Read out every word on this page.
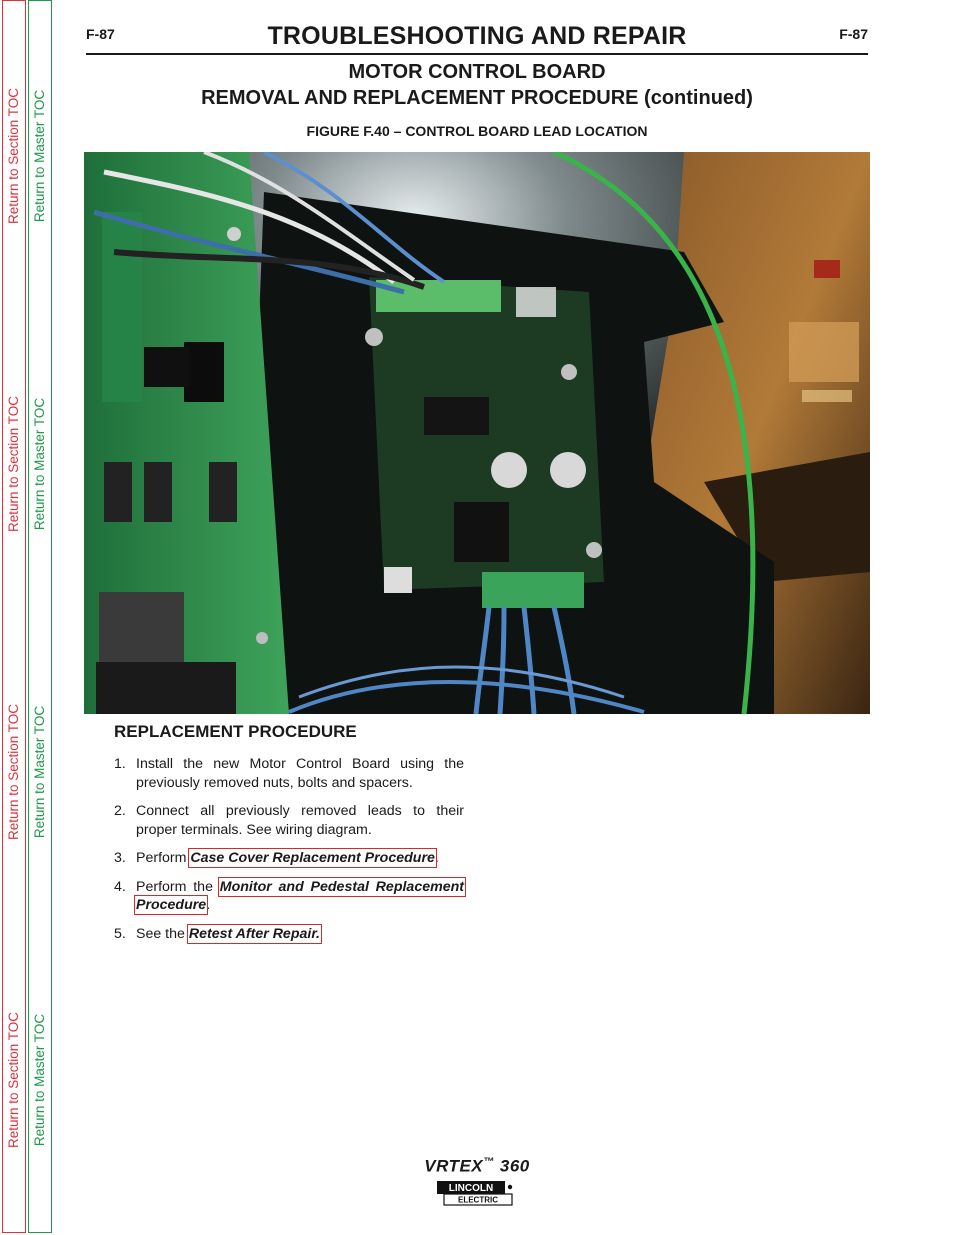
Return to Section TOC
Return to Section TOC
Return to Section TOC
Return to Section TOC
Return to Master TOC
Return to Master TOC
Return to Master TOC
Return to Master TOC
F-87	TROUBLESHOOTING AND REPAIR	F-87
MOTOR CONTROL BOARD
REMOVAL AND REPLACEMENT PROCEDURE (continued)
FIGURE F.40 – CONTROL BOARD LEAD LOCATION
REPLACEMENT PROCEDURE
1. Install the new Motor Control Board using the previously removed nuts, bolts and spacers.
2. Connect all previously removed leads to their proper terminals. See wiring diagram.
3. Perform Case Cover Replacement Procedure.
4. Perform the Monitor and Pedestal Replacement Procedure.
5. See the Retest After Repair.
VRTEX™ 360
LINCOLN
ELECTRIC
